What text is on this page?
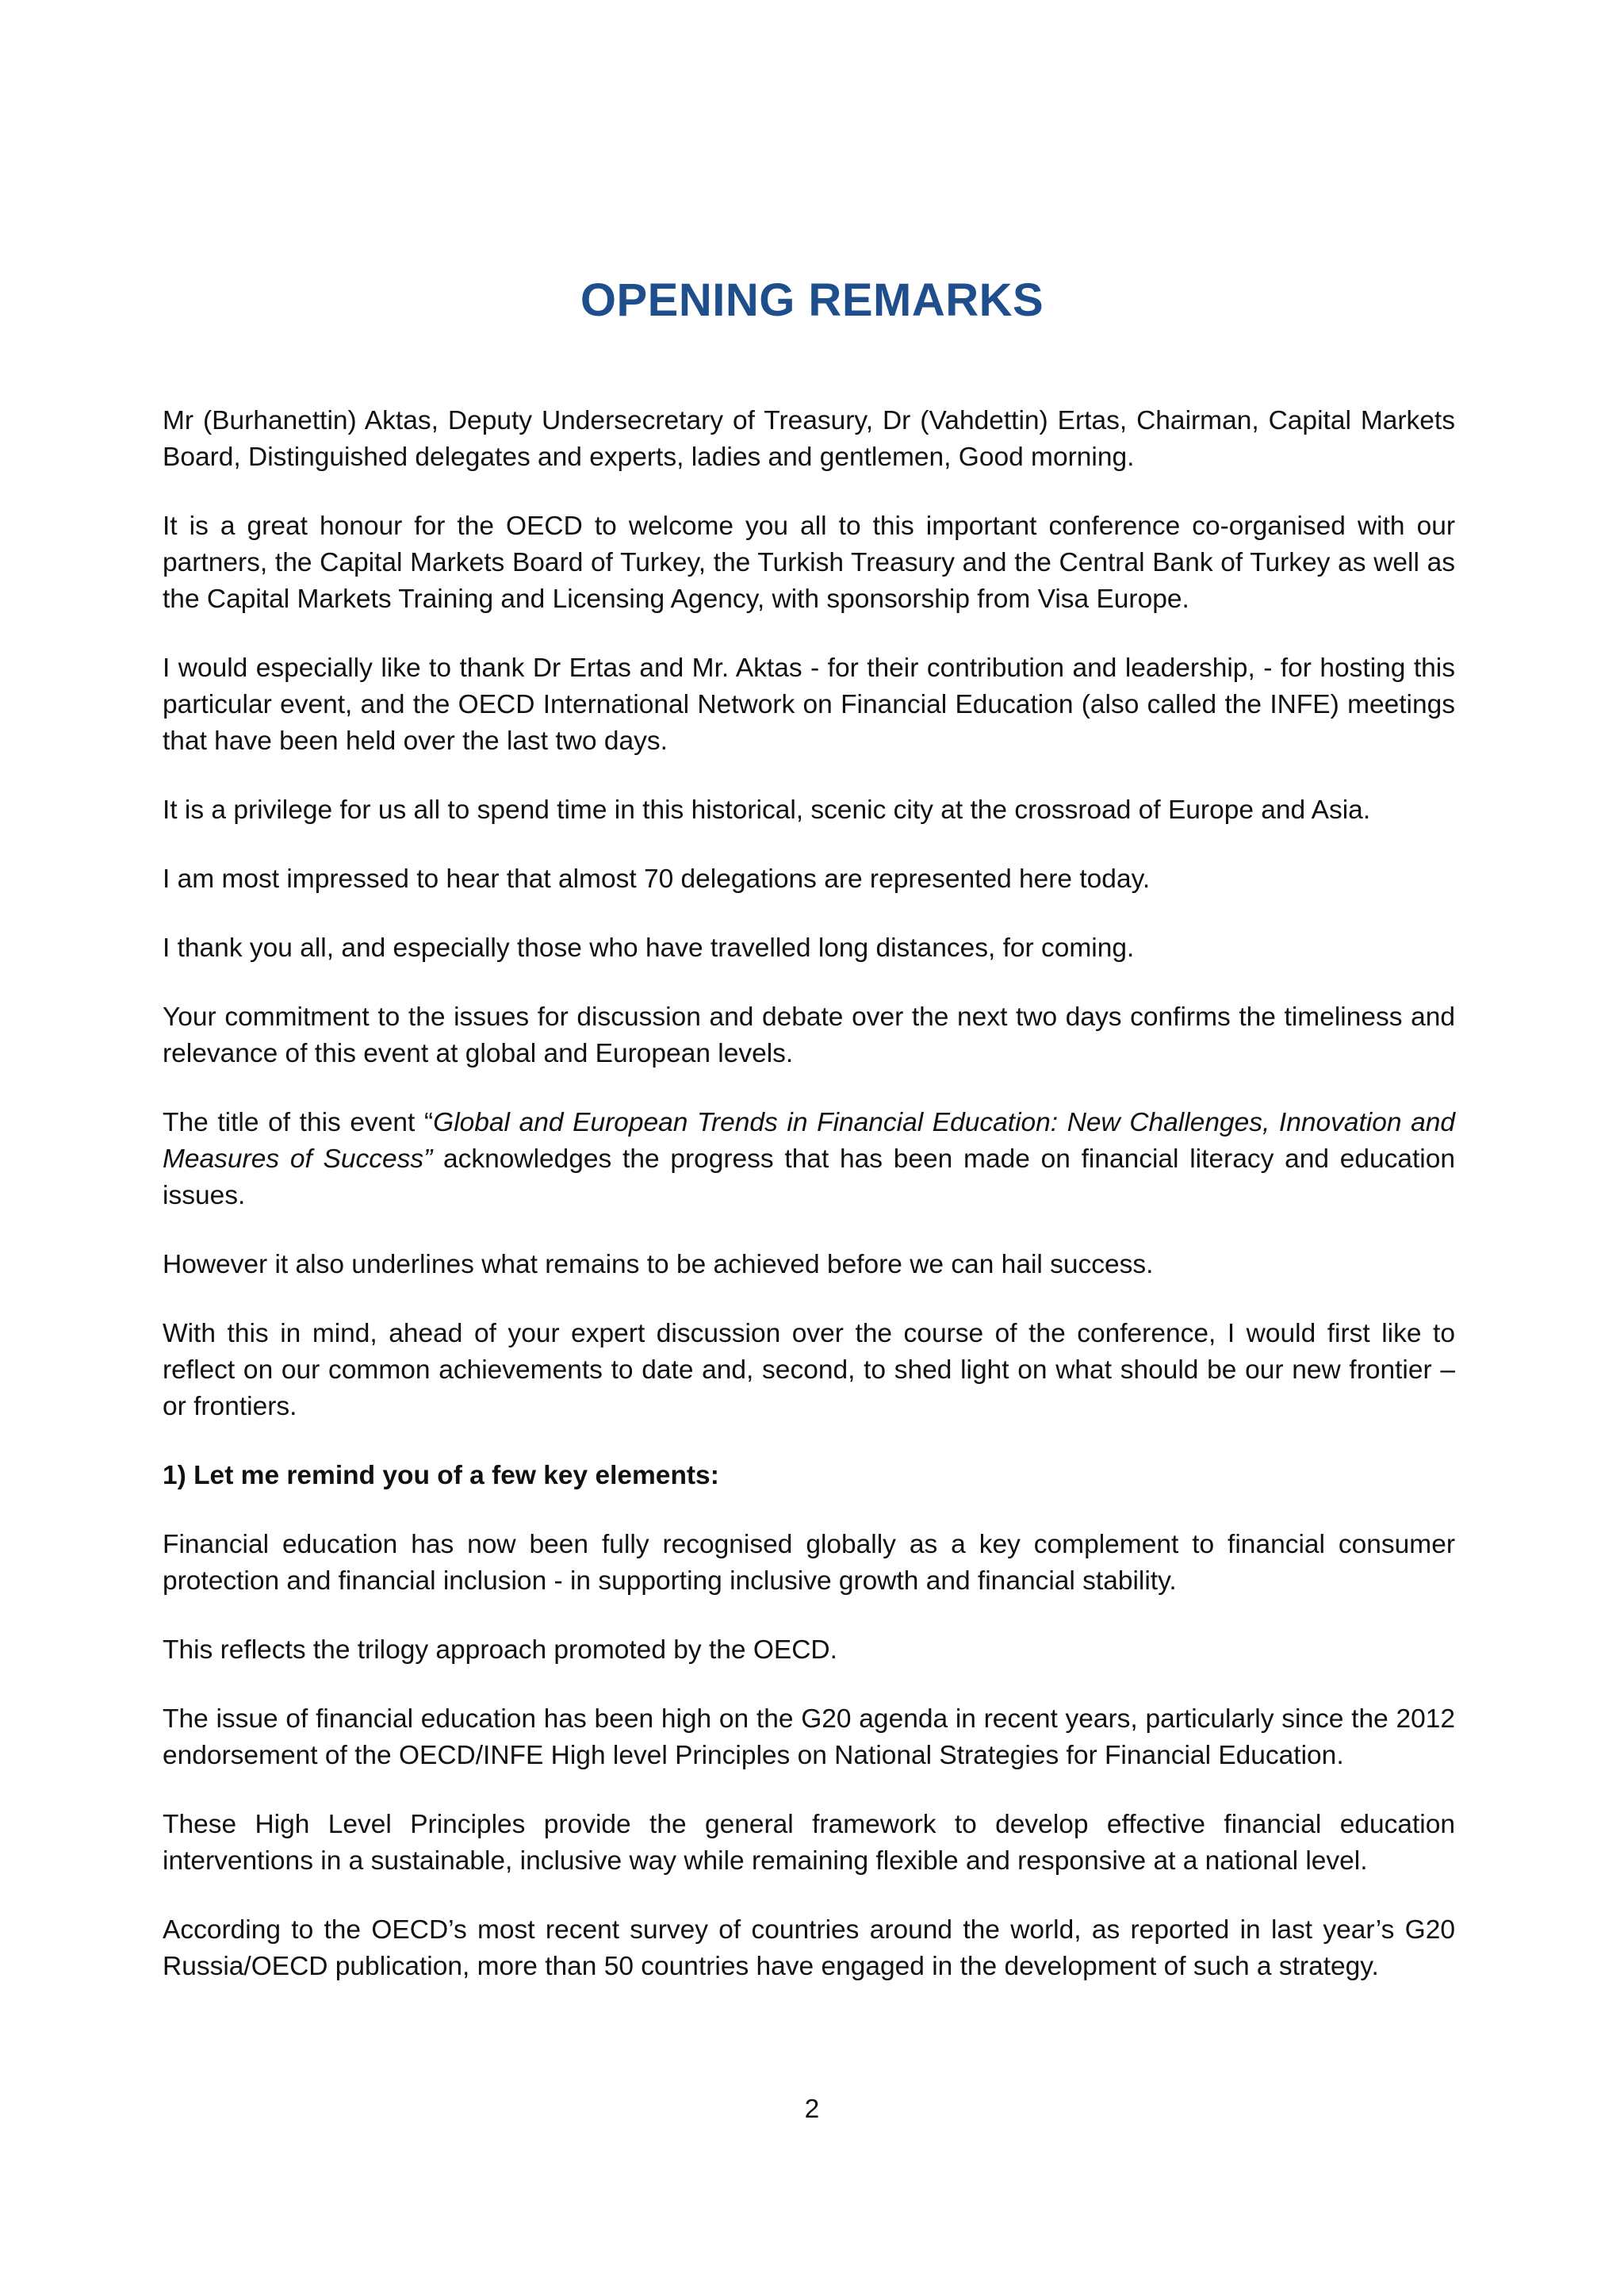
OPENING REMARKS

Mr (Burhanettin) Aktas, Deputy Undersecretary of Treasury, Dr (Vahdettin) Ertas, Chairman, Capital Markets Board, Distinguished delegates and experts, ladies and gentlemen, Good morning.

It is a great honour for the OECD to welcome you all to this important conference co-organised with our partners, the Capital Markets Board of Turkey, the Turkish Treasury and the Central Bank of Turkey as well as the Capital Markets Training and Licensing Agency, with sponsorship from Visa Europe.

I would especially like to thank Dr Ertas and Mr. Aktas - for their contribution and leadership, - for hosting this particular event, and the OECD International Network on Financial Education (also called the INFE) meetings that have been held over the last two days.

It is a privilege for us all to spend time in this historical, scenic city at the crossroad of Europe and Asia.

I am most impressed to hear that almost 70 delegations are represented here today.

I thank you all, and especially those who have travelled long distances, for coming.

Your commitment to the issues for discussion and debate over the next two days confirms the timeliness and relevance of this event at global and European levels.

The title of this event “Global and European Trends in Financial Education: New Challenges, Innovation and Measures of Success” acknowledges the progress that has been made on financial literacy and education issues.

However it also underlines what remains to be achieved before we can hail success.

With this in mind, ahead of your expert discussion over the course of the conference, I would first like to reflect on our common achievements to date and, second, to shed light on what should be our new frontier – or frontiers.

1) Let me remind you of a few key elements:

Financial education has now been fully recognised globally as a key complement to financial consumer protection and financial inclusion - in supporting inclusive growth and financial stability.

This reflects the trilogy approach promoted by the OECD.

The issue of financial education has been high on the G20 agenda in recent years, particularly since the 2012 endorsement of the OECD/INFE High level Principles on National Strategies for Financial Education.

These High Level Principles provide the general framework to develop effective financial education interventions in a sustainable, inclusive way while remaining flexible and responsive at a national level.

According to the OECD’s most recent survey of countries around the world, as reported in last year’s G20 Russia/OECD publication, more than 50 countries have engaged in the development of such a strategy.

2
